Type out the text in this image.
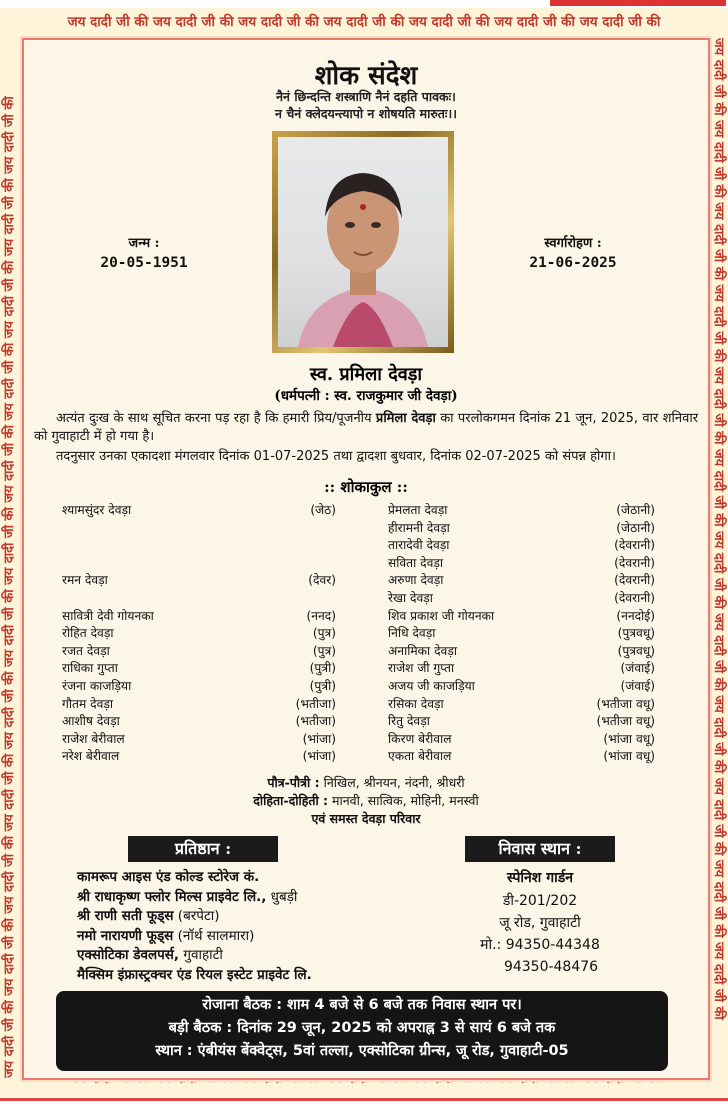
जय दादी जी की जय दादी जी की जय दादी जी की जय दादी जी की जय दादी जी की जय दादी जी की जय दादी जी की
जय दादी जी की जय दादी जी की जय दादी जी की जय दादी जी की जय दादी जी की जय दादी जी की जय दादी जी की जय दादी जी की जय दादी जी की जय दादी जी की जय दादी जी की जय दादी जी की	जय दादी जी की जय दादी जी की जय दादी जी की जय दादी जी की जय दादी जी की जय दादी जी की जय दादी जी की जय दादी जी की जय दादी जी की जय दादी जी की जय दादी जी की जय दादी जी की
शोक संदेश
नैनं छिन्दन्ति शस्त्राणि नैनं दहति पावकः।
न चैनं क्लेदयन्त्यापो न शोषयति मारुतः।।
जन्म :
20-05-1951
स्वर्गारोहण :
21-06-2025
स्व. प्रमिला देवड़ा
(धर्मपत्नी : स्व. राजकुमार जी देवड़ा)
अत्यंत दुःख के साथ सूचित करना पड़ रहा है कि हमारी प्रिय/पूजनीय प्रमिला देवड़ा का परलोकगमन दिनांक 21 जून, 2025, वार शनिवार को गुवाहाटी में हो गया है।
तदनुसार उनका एकादशा मंगलवार दिनांक 01-07-2025 तथा द्वादशा बुधवार, दिनांक 02-07-2025 को संपन्न होगा।
:: शोकाकुल ::
श्यामसुंदर देवड़ा	(जेठ)
रमन देवड़ा	(देवर)
सावित्री देवी गोयनका	(ननद)
रोहित देवड़ा	(पुत्र)
रजत देवड़ा	(पुत्र)
राधिका गुप्ता	(पुत्री)
रंजना काजड़िया	(पुत्री)
गौतम देवड़ा	(भतीजा)
आशीष देवड़ा	(भतीजा)
राजेश बेरीवाल	(भांजा)
नरेश बेरीवाल	(भांजा)
प्रेमलता देवड़ा	(जेठानी)
हीरामनी देवड़ा	(जेठानी)
तारादेवी देवड़ा	(देवरानी)
सविता देवड़ा	(देवरानी)
अरुणा देवड़ा	(देवरानी)
रेखा देवड़ा	(देवरानी)
शिव प्रकाश जी गोयनका	(ननदोई)
निधि देवड़ा	(पुत्रवधू)
अनामिका देवड़ा	(पुत्रवधू)
राजेश जी गुप्ता	(जंवाई)
अजय जी काजड़िया	(जंवाई)
रसिका देवड़ा	(भतीजा वधू)
रितु देवड़ा	(भतीजा वधू)
किरण बेरीवाल	(भांजा वधू)
एकता बेरीवाल	(भांजा वधू)
पौत्र-पौत्री : निखिल, श्रीनयन, नंदनी, श्रीधरी
दोहिता-दोहिती : मानवी, सात्विक, मोहिनी, मनस्वी
एवं समस्त देवड़ा परिवार
प्रतिष्ठान :	निवास स्थान :
कामरूप आइस एंड कोल्ड स्टोरेज कं.
श्री राधाकृष्ण फ्लोर मिल्स प्राइवेट लि., धुबड़ी
श्री राणी सती फूड्स (बरपेटा)
नमो नारायणी फूड्स (नॉर्थ सालमारा)
एक्सोटिका डेवलपर्स, गुवाहाटी
मैक्सिम इंफ्रास्ट्रक्चर एंड रियल इस्टेट प्राइवेट लि.
स्पेनिश गार्डन
डी-201/202
जू रोड, गुवाहाटी
मो.: 94350-44348
94350-48476
रोजाना बैठक : शाम 4 बजे से 6 बजे तक निवास स्थान पर।
बड़ी बैठक : दिनांक 29 जून, 2025 को अपराह्न 3 से सायं 6 बजे तक
स्थान : एंबीयंस बेंक्वेट्स, 5वां तल्ला, एक्सोटिका ग्रीन्स, जू रोड, गुवाहाटी-05
